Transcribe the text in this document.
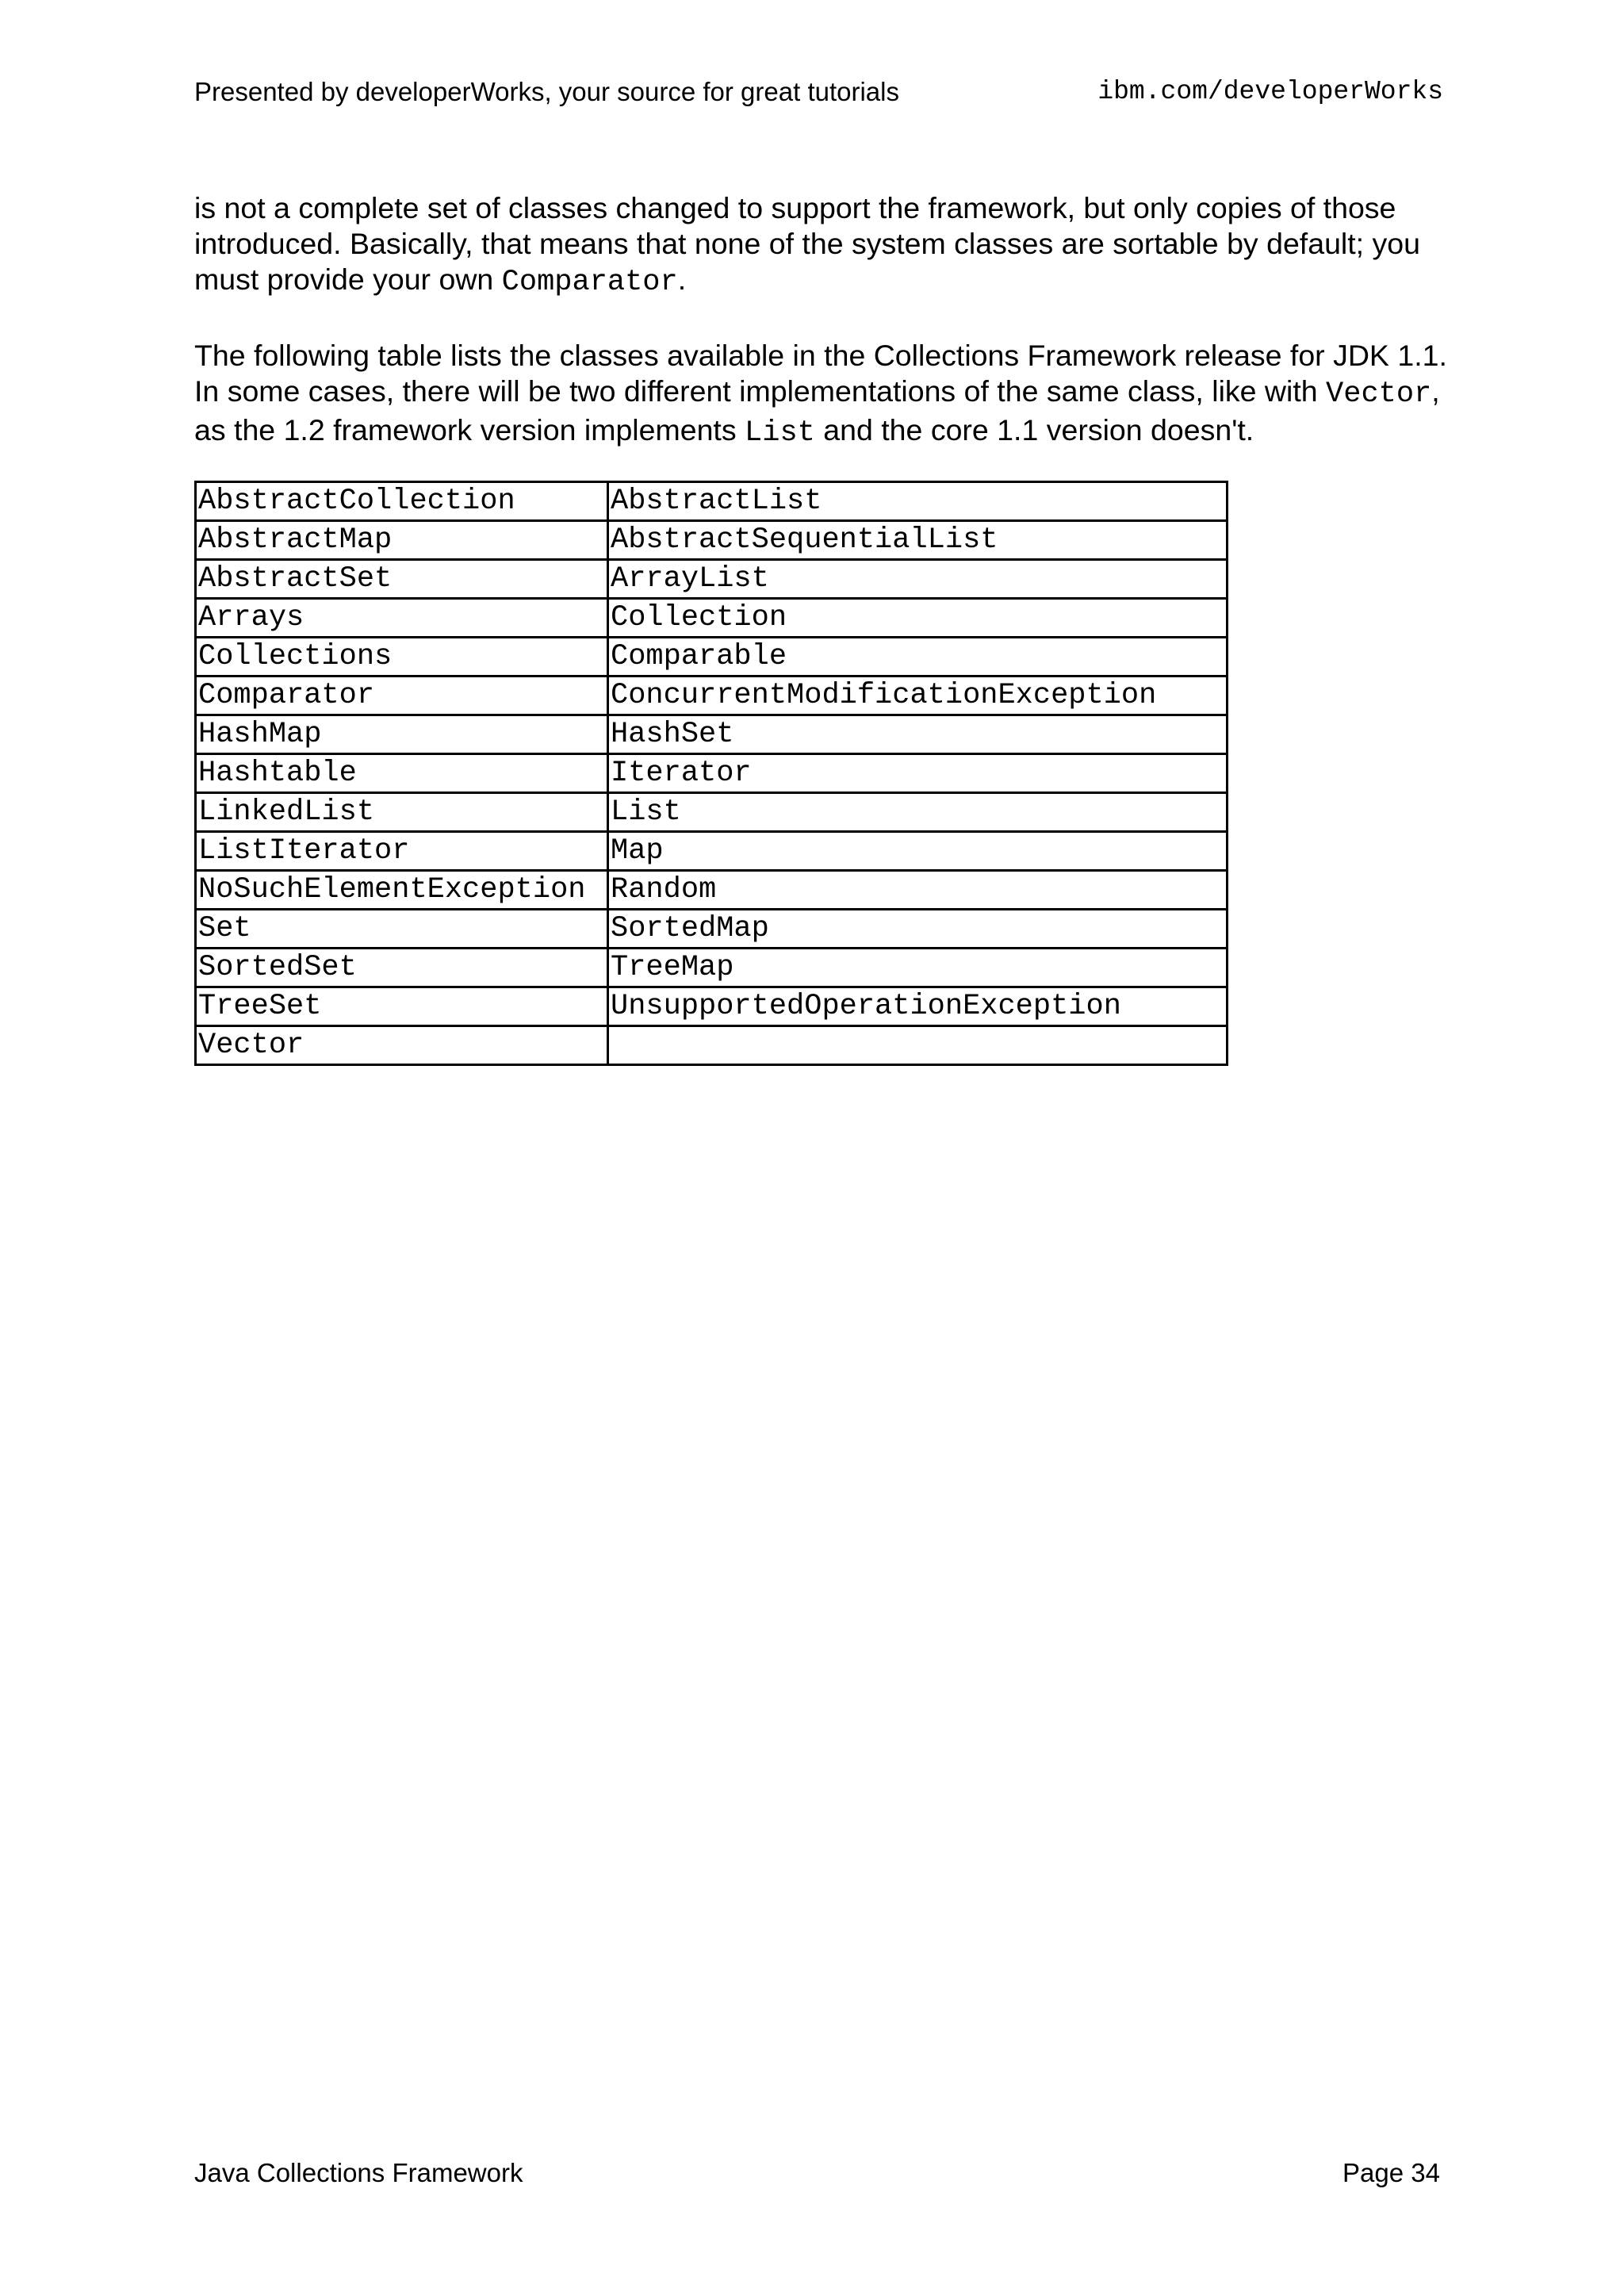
Presented by developerWorks, your source for great tutorials	ibm.com/developerWorks

is not a complete set of classes changed to support the framework, but only copies of those introduced. Basically, that means that none of the system classes are sortable by default; you must provide your own Comparator.

The following table lists the classes available in the Collections Framework release for JDK 1.1. In some cases, there will be two different implementations of the same class, like with Vector, as the 1.2 framework version implements List and the core 1.1 version doesn't.

AbstractCollection	AbstractList
AbstractMap	AbstractSequentialList
AbstractSet	ArrayList
Arrays	Collection
Collections	Comparable
Comparator	ConcurrentModificationException
HashMap	HashSet
Hashtable	Iterator
LinkedList	List
ListIterator	Map
NoSuchElementException	Random
Set	SortedMap
SortedSet	TreeMap
TreeSet	UnsupportedOperationException
Vector	
Java Collections Framework	Page 34
